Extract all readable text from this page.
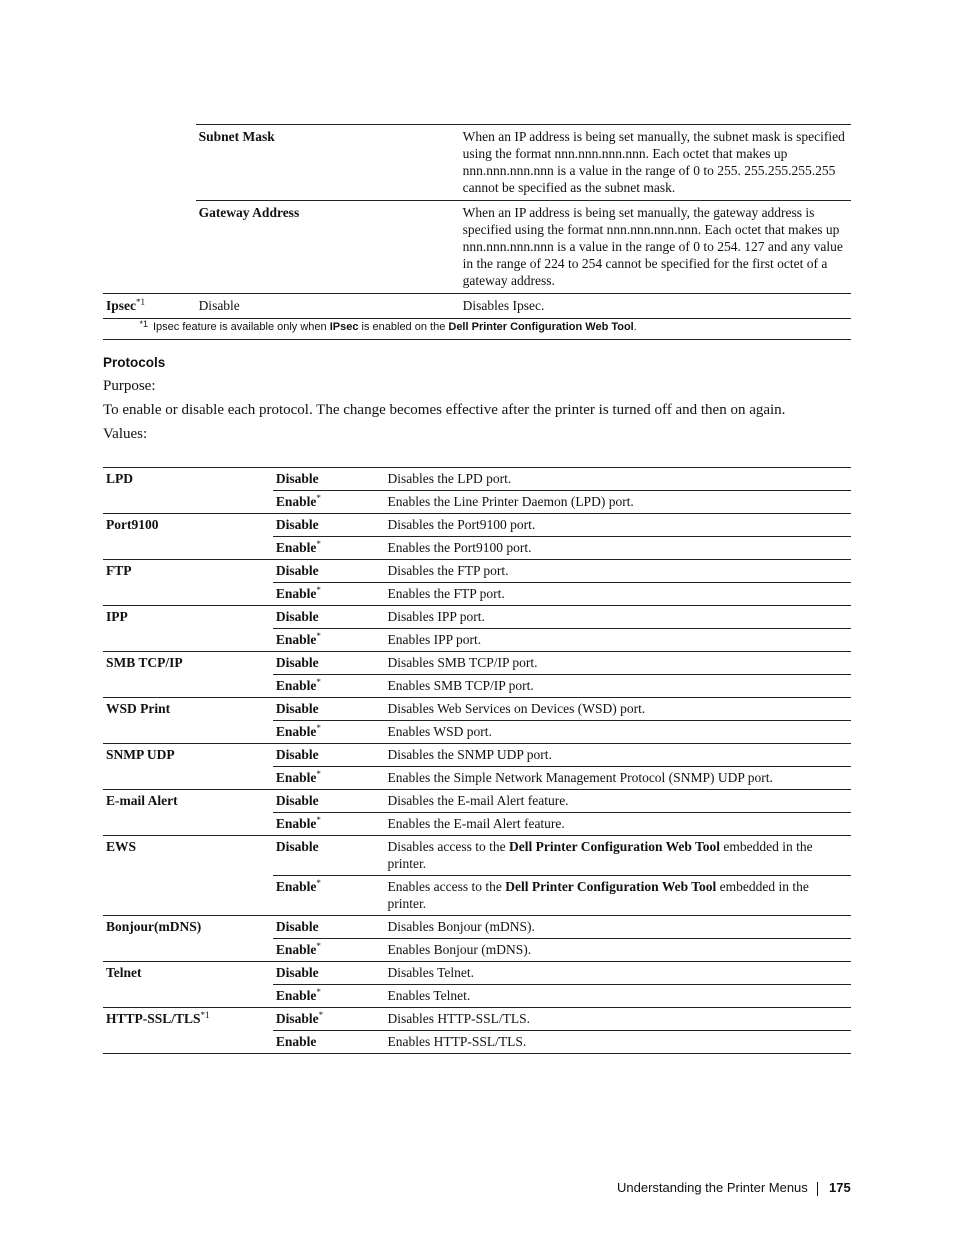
	Subnet Mask	When an IP address is being set manually, the subnet mask is specified using the format nnn.nnn.nnn.nnn. Each octet that makes up nnn.nnn.nnn.nnn is a value in the range of 0 to 255. 255.255.255.255 cannot be specified as the subnet mask.
	Gateway Address	When an IP address is being set manually, the gateway address is specified using the format nnn.nnn.nnn.nnn. Each octet that makes up nnn.nnn.nnn.nnn is a value in the range of 0 to 254. 127 and any value in the range of 224 to 254 cannot be specified for the first octet of a gateway address.
Ipsec$^{*1}$	Disable	Disables Ipsec.
*1 Ipsec feature is available only when IPsec is enabled on the Dell Printer Configuration Web Tool.
Protocols
Purpose:
To enable or disable each protocol. The change becomes effective after the printer is turned off and then on again.
Values:
LPD	Disable	Disables the LPD port.
	Enable*	Enables the Line Printer Daemon (LPD) port.
Port9100	Disable	Disables the Port9100 port.
	Enable*	Enables the Port9100 port.
FTP	Disable	Disables the FTP port.
	Enable*	Enables the FTP port.
IPP	Disable	Disables IPP port.
	Enable*	Enables IPP port.
SMB TCP/IP	Disable	Disables SMB TCP/IP port.
	Enable*	Enables SMB TCP/IP port.
WSD Print	Disable	Disables Web Services on Devices (WSD) port.
	Enable*	Enables WSD port.
SNMP UDP	Disable	Disables the SNMP UDP port.
	Enable*	Enables the Simple Network Management Protocol (SNMP) UDP port.
E-mail Alert	Disable	Disables the E-mail Alert feature.
	Enable*	Enables the E-mail Alert feature.
EWS	Disable	Disables access to the Dell Printer Configuration Web Tool embedded in the printer.
	Enable*	Enables access to the Dell Printer Configuration Web Tool embedded in the printer.
Bonjour(mDNS)	Disable	Disables Bonjour (mDNS).
	Enable*	Enables Bonjour (mDNS).
Telnet	Disable	Disables Telnet.
	Enable*	Enables Telnet.
HTTP-SSL/TLS$^{*1}$	Disable*	Disables HTTP-SSL/TLS.
	Enable	Enables HTTP-SSL/TLS.
Understanding the Printer Menus 175
